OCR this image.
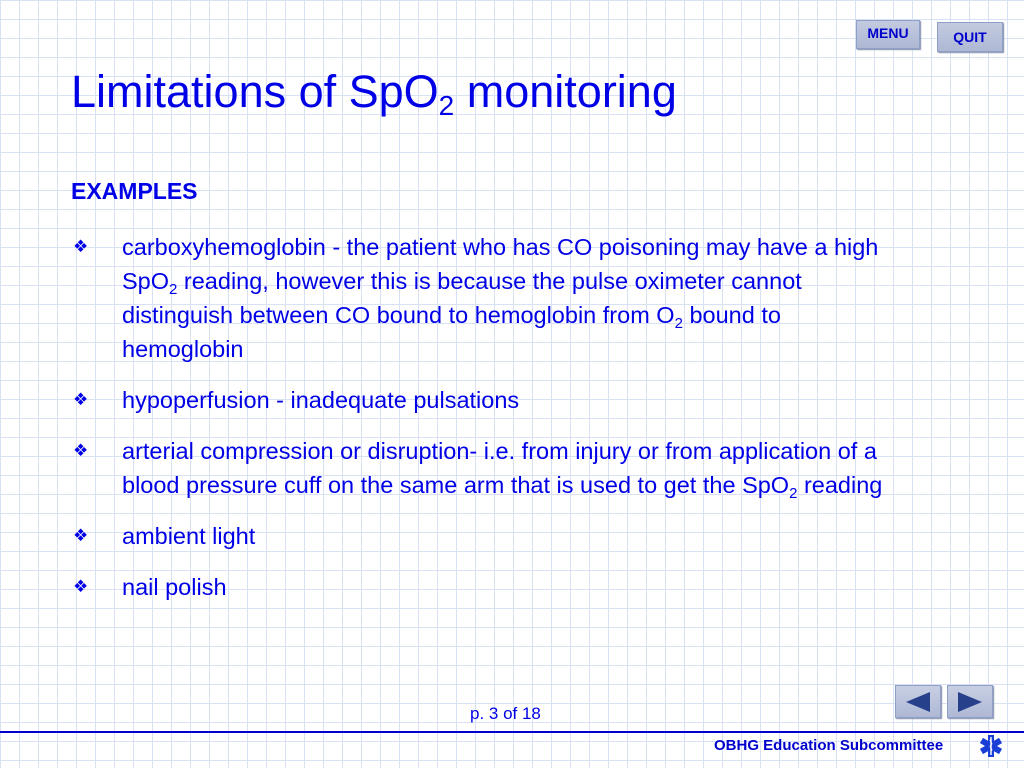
MENU	QUIT
Limitations of SpO$_2$ monitoring
EXAMPLES
❖ carboxyhemoglobin - the patient who has CO poisoning may have a high SpO$_2$ reading, however this is because the pulse oximeter cannot distinguish between CO bound to hemoglobin from $O_2$ bound to hemoglobin
❖ hypoperfusion - inadequate pulsations
❖ arterial compression or disruption- i.e. from injury or from application of a blood pressure cuff on the same arm that is used to get the SpO$_2$ reading
❖ ambient light
❖ nail polish
p. 3 of 18
OBHG Education Subcommittee
